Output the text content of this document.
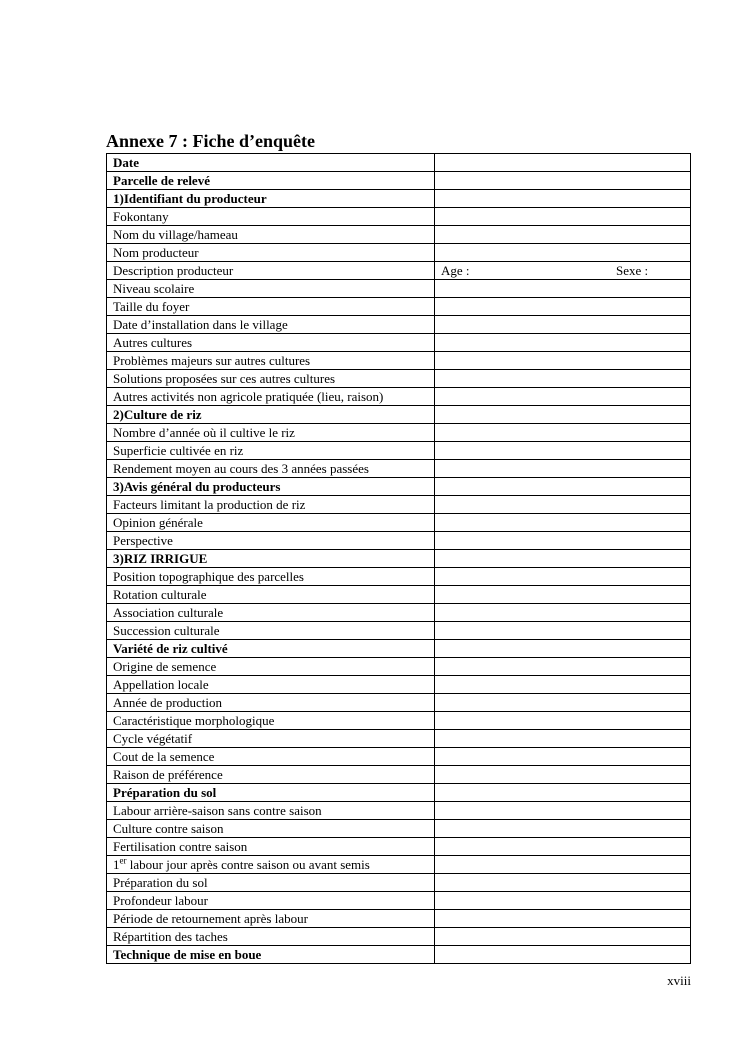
Annexe 7 : Fiche d’enquête
Date	
Parcelle de relevé	
1)Identifiant du producteur	
Fokontany	
Nom du village/hameau	
Nom producteur	
Description producteur	Age : Sexe :

Niveau scolaire	
Taille du foyer	
Date d’installation dans le village	
Autres cultures	
Problèmes majeurs sur autres cultures	
Solutions proposées sur ces autres cultures	
Autres activités non agricole pratiquée (lieu, raison)	
2)Culture de riz	
Nombre d’année où il cultive le riz	
Superficie cultivée en riz	
Rendement moyen au cours des 3 années passées	
3)Avis général du producteurs	
Facteurs limitant la production de riz	
Opinion générale	
Perspective	
3)RIZ IRRIGUE	
Position topographique des parcelles	
Rotation culturale	
Association culturale	
Succession culturale	
Variété de riz cultivé	
Origine de semence	
Appellation locale	
Année de production	
Caractéristique morphologique	
Cycle végétatif	
Cout de la semence	
Raison de préférence	
Préparation du sol	
Labour arrière-saison sans contre saison	
Culture contre saison	
Fertilisation contre saison	
1er labour jour après contre saison ou avant semis	
Préparation du sol	
Profondeur labour	
Période de retournement après labour	
Répartition des taches	
Technique de mise en boue	
xviii
